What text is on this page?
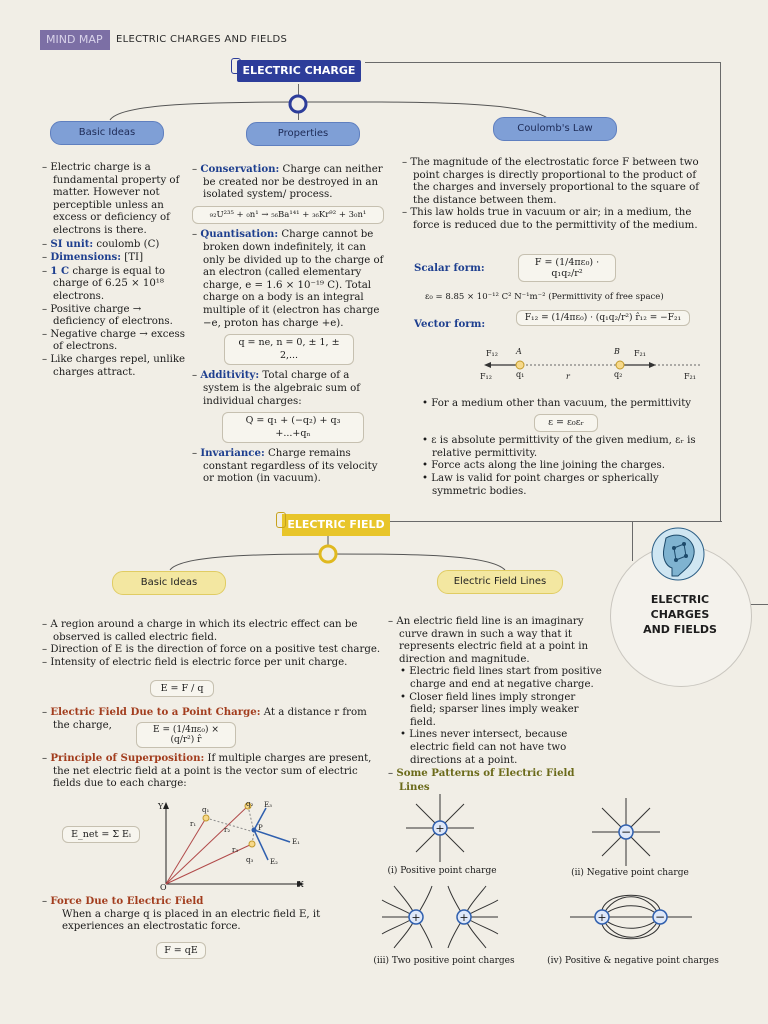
MIND MAP	ELECTRIC CHARGES AND FIELDS
ELECTRIC CHARGE
Basic Ideas	Properties	Coulomb's Law

– Electric charge is a fundamental property of matter. However not perceptible unless an excess or deficiency of electrons is there.

– SI unit: coulomb (C)

– Dimensions: [TI]

– 1 C charge is equal to charge of 6.25 × 10¹⁸ electrons.

– Positive charge → deficiency of electrons.

– Negative charge → excess of electrons.

– Like charges repel, unlike charges attract.

– Conservation: Charge can neither be created nor be destroyed in an isolated system/ process.

₉₂U²³⁵ + ₀n¹ → ₅₆Ba¹⁴¹ + ₃₆Kr⁹² + 3₀n¹

– Quantisation: Charge cannot be broken down indefinitely, it can only be divided up to the charge of an electron (called elementary charge, e = 1.6 × 10⁻¹⁹ C). Total charge on a body is an integral multiple of it (electron has charge −e, proton has charge +e).

q = ne, n = 0, ± 1, ± 2,...

– Additivity: Total charge of a system is the algebraic sum of individual charges:

Q = q₁ + (−q₂) + q₃ +...+qₙ

– Invariance: Charge remains constant regardless of its velocity or motion (in vacuum).

– The magnitude of the electrostatic force F between two point charges is directly proportional to the product of the charges and inversely proportional to the square of the distance between them.

– This law holds true in vacuum or air; in a medium, the force is reduced due to the permittivity of the medium.

Scalar form:	F = (1/4πε₀) · q₁q₂/r²
ε₀ = 8.85 × 10⁻¹² C² N⁻¹m⁻² (Permittivity of free space)
Vector form:	F₁₂ = (1/4πε₀) · (q₁q₂/r²) r̂₁₂ = −F₂₁
F₁₂ A	B F₂₁
F₁₂	q₁	r	q₂	F₂₁

• For a medium other than vacuum, the permittivity

ε = ε₀εᵣ

• ε is absolute permittivity of the given medium, εᵣ is relative permittivity.

• Force acts along the line joining the charges.

• Law is valid for point charges or spherically symmetric bodies.

ELECTRIC FIELD
Basic Ideas	Electric Field Lines
ELECTRIC
CHARGES
AND FIELDS

– A region around a charge in which its electric effect can be observed is called electric field.

– Direction of E is the direction of force on a positive test charge.

– Intensity of electric field is electric force per unit charge.

E = F / q

– Electric Field Due to a Point Charge: At a distance r from the charge,	E = (1/4πε₀) × (q/r²) r̂

– Principle of Superposition: If multiple charges are present, the net electric field at a point is the vector sum of electric fields due to each charge:

E_net = Σ Eᵢ
Y
X
O
q₁
q₂
q₃
r₁
r₂
r₃
E₁
E₂
E₃
P

– Force Due to Electric Field

When a charge q is placed in an electric field E, it experiences an electrostatic force.

F = qE

– An electric field line is an imaginary curve drawn in such a way that it represents electric field at a point in direction and magnitude.

• Electric field lines start from positive charge and end at negative charge.

• Closer field lines imply stronger field; sparser lines imply weaker field.

• Lines never intersect, because electric field can not have two directions at a point.

– Some Patterns of Electric Field Lines

+
(i) Positive point charge
−
(ii) Negative point charge
+	+
(iii) Two positive point charges
+	−
(iv) Positive & negative point charges
